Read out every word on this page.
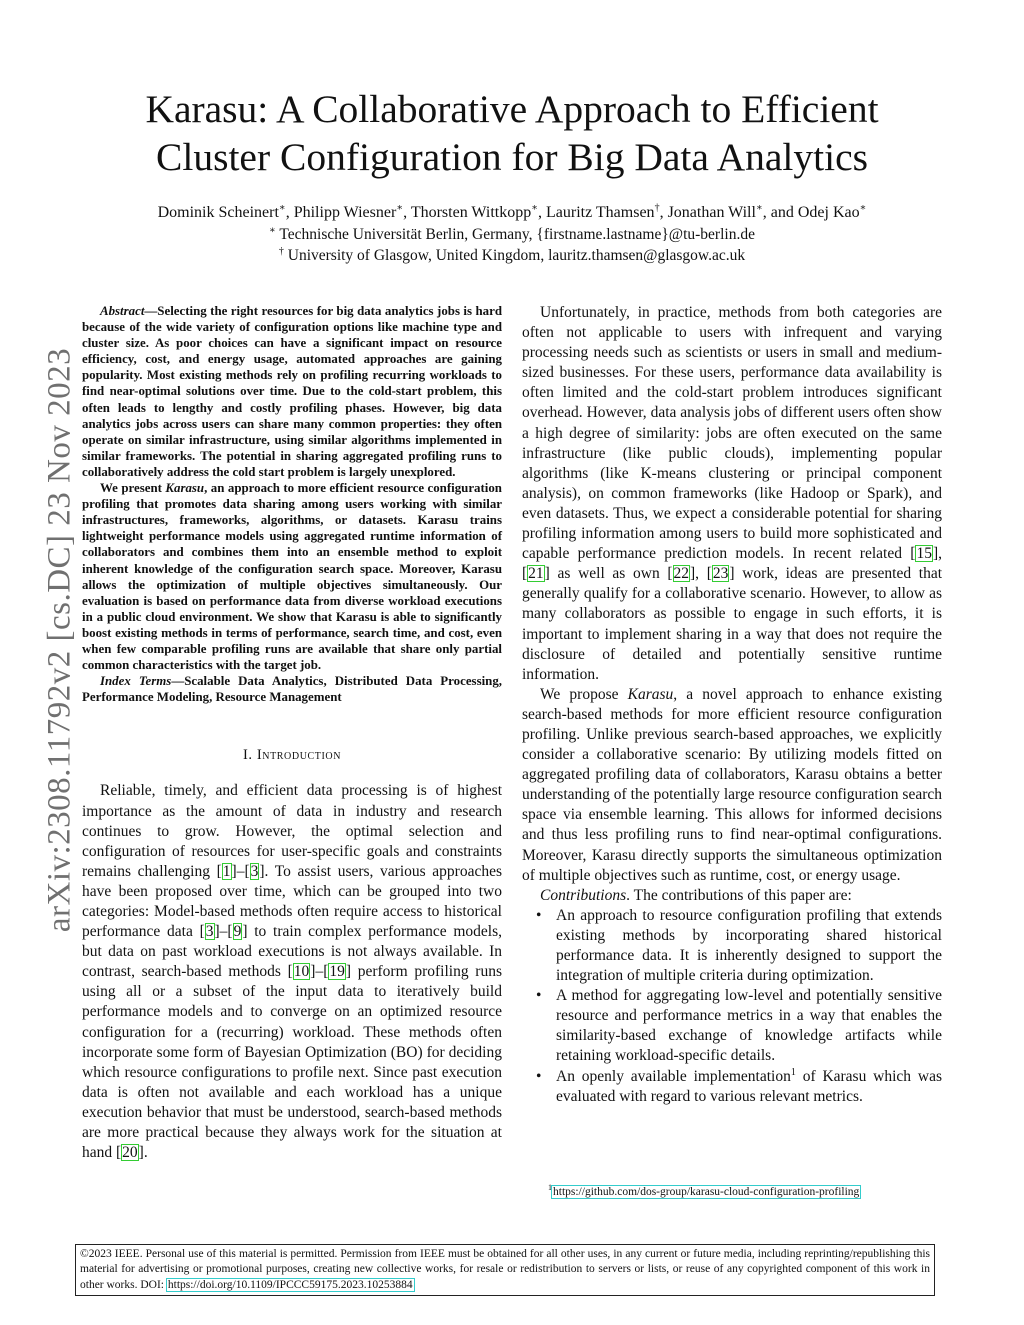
arXiv:2308.11792v2 [cs.DC] 23 Nov 2023
Karasu: A Collaborative Approach to Efficient
Cluster Configuration for Big Data Analytics
Dominik Scheinert∗, Philipp Wiesner∗, Thorsten Wittkopp∗, Lauritz Thamsen†, Jonathan Will∗, and Odej Kao∗
∗ Technische Universität Berlin, Germany, {firstname.lastname}@tu-berlin.de
† University of Glasgow, United Kingdom, lauritz.thamsen@glasgow.ac.uk

Abstract—Selecting the right resources for big data analytics jobs is hard because of the wide variety of configuration options like machine type and cluster size. As poor choices can have a significant impact on resource efficiency, cost, and energy usage, automated approaches are gaining popularity. Most existing methods rely on profiling recurring workloads to find near-optimal solutions over time. Due to the cold-start problem, this often leads to lengthy and costly profiling phases. However, big data analytics jobs across users can share many common properties: they often operate on similar infrastructure, using similar algorithms implemented in similar frameworks. The potential in sharing aggregated profiling runs to collaboratively address the cold start problem is largely unexplored.

We present Karasu, an approach to more efficient resource configuration profiling that promotes data sharing among users working with similar infrastructures, frameworks, algorithms, or datasets. Karasu trains lightweight performance models using aggregated runtime information of collaborators and combines them into an ensemble method to exploit inherent knowledge of the configuration search space. Moreover, Karasu allows the optimization of multiple objectives simultaneously. Our evaluation is based on performance data from diverse workload executions in a public cloud environment. We show that Karasu is able to significantly boost existing methods in terms of performance, search time, and cost, even when few comparable profiling runs are available that share only partial common characteristics with the target job.

Index Terms—Scalable Data Analytics, Distributed Data Processing, Performance Modeling, Resource Management

I. Introduction

Reliable, timely, and efficient data processing is of highest importance as the amount of data in industry and research continues to grow. However, the optimal selection and configuration of resources for user-specific goals and constraints remains challenging [1]–[3]. To assist users, various approaches have been proposed over time, which can be grouped into two categories: Model-based methods often require access to historical performance data [3]–[9] to train complex performance models, but data on past workload executions is not always available. In contrast, search-based methods [10]–[19] perform profiling runs using all or a subset of the input data to iteratively build performance models and to converge on an optimized resource configuration for a (recurring) workload. These methods often incorporate some form of Bayesian Optimization (BO) for deciding which resource configurations to profile next. Since past execution data is often not available and each workload has a unique execution behavior that must be understood, search-based methods are more practical because they always work for the situation at hand [20].

Unfortunately, in practice, methods from both categories are often not applicable to users with infrequent and varying processing needs such as scientists or users in small and medium-sized businesses. For these users, performance data availability is often limited and the cold-start problem introduces significant overhead. However, data analysis jobs of different users often show a high degree of similarity: jobs are often executed on the same infrastructure (like public clouds), implementing popular algorithms (like K-means clustering or principal component analysis), on common frameworks (like Hadoop or Spark), and even datasets. Thus, we expect a considerable potential for sharing profiling information among users to build more sophisticated and capable performance prediction models. In recent related [15], [21] as well as own [22], [23] work, ideas are presented that generally qualify for a collaborative scenario. However, to allow as many collaborators as possible to engage in such efforts, it is important to implement sharing in a way that does not require the disclosure of detailed and potentially sensitive runtime information.

We propose Karasu, a novel approach to enhance existing search-based methods for more efficient resource configuration profiling. Unlike previous search-based approaches, we explicitly consider a collaborative scenario: By utilizing models fitted on aggregated profiling data of collaborators, Karasu obtains a better understanding of the potentially large resource configuration search space via ensemble learning. This allows for informed decisions and thus less profiling runs to find near-optimal configurations. Moreover, Karasu directly supports the simultaneous optimization of multiple objectives such as runtime, cost, or energy usage.

Contributions. The contributions of this paper are:

• An approach to resource configuration profiling that extends existing methods by incorporating shared historical performance data. It is inherently designed to support the integration of multiple criteria during optimization.
• A method for aggregating low-level and potentially sensitive resource and performance metrics in a way that enables the similarity-based exchange of knowledge artifacts while retaining workload-specific details.
• An openly available implementation$^1$ of Karasu which was evaluated with regard to various relevant metrics.
$^1$https://github.com/dos-group/karasu-cloud-configuration-profiling
©2023 IEEE. Personal use of this material is permitted. Permission from IEEE must be obtained for all other uses, in any current or future media, including reprinting/republishing this material for advertising or promotional purposes, creating new collective works, for resale or redistribution to servers or lists, or reuse of any copyrighted component of this work in other works. DOI: https://doi.org/10.1109/IPCCC59175.2023.10253884
